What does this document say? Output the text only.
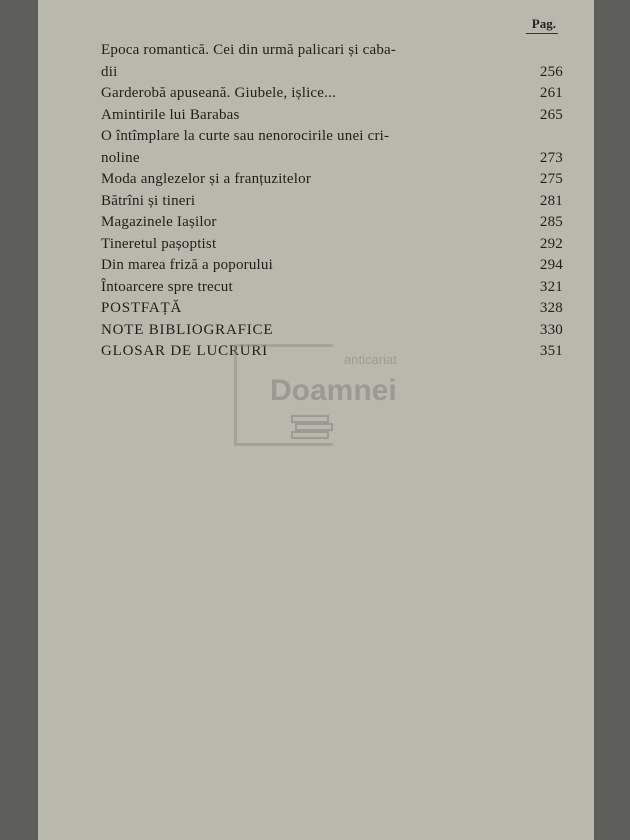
Pag.
Epoca romantică. Cei din urmă palicari și caba-
dii	256
Garderobă apuseană. Giubele, ișlice...	261
Amintirile lui Barabas	265
O întîmplare la curte sau nenorocirile unei cri-
noline	273
Moda anglezelor și a franțuzitelor	275
Bătrîni și tineri	281
Magazinele Iașilor	285
Tineretul pașoptist	292
Din marea friză a poporului	294
Întoarcere spre trecut	321
POSTFAȚĂ	328
NOTE BIBLIOGRAFICE	330
GLOSAR DE LUCRURI	351
anticariat
Doamnei
